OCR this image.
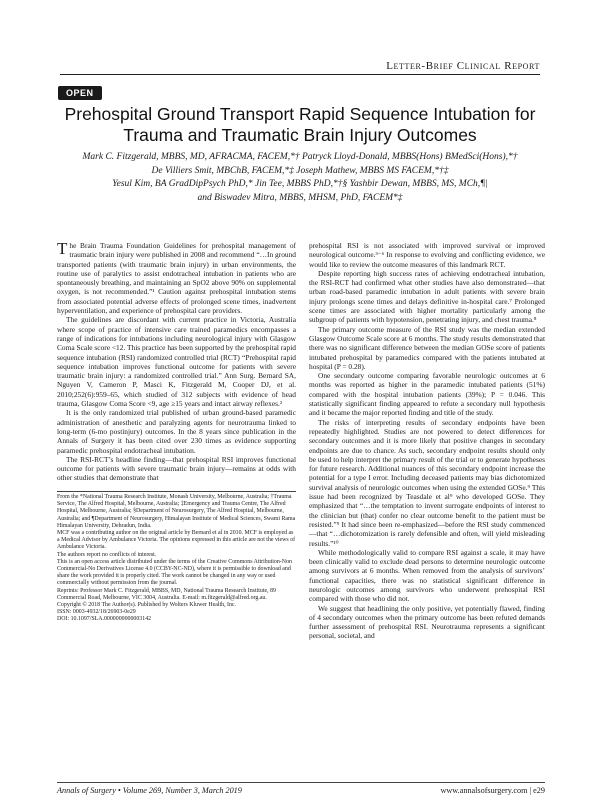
Letter-Brief Clinical Report
OPEN
Prehospital Ground Transport Rapid Sequence Intubation for
Trauma and Traumatic Brain Injury Outcomes
Mark C. Fitzgerald, MBBS, MD, AFRACMA, FACEM,*† Patryck Lloyd-Donald, MBBS(Hons) BMedSci(Hons),*†
De Villiers Smit, MBChB, FACEM,*‡ Joseph Mathew, MBBS MS FACEM,*†‡
Yesul Kim, BA GradDipPsych PhD,* Jin Tee, MBBS PhD,*†§ Yashbir Dewan, MBBS, MS, MCh,¶|
and Biswadev Mitra, MBBS, MHSM, PhD, FACEM*‡

The Brain Trauma Foundation Guidelines for prehospital management of traumatic brain injury were published in 2008 and recommend “…In ground transported patients (with traumatic brain injury) in urban environments, the routine use of paralytics to assist endotracheal intubation in patients who are spontaneously breathing, and maintaining an SpO2 above 90% on supplemental oxygen, is not recommended.”¹ Caution against prehospital intubation stems from associated potential adverse effects of prolonged scene times, inadvertent hyperventilation, and experience of prehospital care providers.

The guidelines are discordant with current practice in Victoria, Australia where scope of practice of intensive care trained paramedics encompasses a range of indications for intubations including neurological injury with Glasgow Coma Scale score <12. This practice has been supported by the prehospital rapid sequence intubation (RSI) randomized controlled trial (RCT) “Prehospital rapid sequence intubation improves functional outcome for patients with severe traumatic brain injury: a randomized controlled trial.” Ann Surg. Bernard SA, Nguyen V, Cameron P, Masci K, Fitzgerald M, Cooper DJ, et al. 2010;252(6):959–65, which studied of 312 subjects with evidence of head trauma, Glasgow Coma Score <9, age ≥15 years and intact airway reflexes.²

It is the only randomized trial published of urban ground-based paramedic administration of anesthetic and paralyzing agents for neurotrauma linked to long-term (6-mo postinjury) outcomes. In the 8 years since publication in the Annals of Surgery it has been cited over 230 times as evidence supporting paramedic prehospital endotracheal intubation.

The RSI-RCT’s headline finding—that prehospital RSI improves functional outcome for patients with severe traumatic brain injury—remains at odds with other studies that demonstrate that

From the *National Trauma Research Institute, Monash University, Melbourne, Australia; †Trauma Service, The Alfred Hospital, Melbourne, Australia; ‡Emergency and Trauma Centre, The Alfred Hospital, Melbourne, Australia; §Department of Neurosurgery, The Alfred Hospital, Melbourne, Australia; and ¶Department of Neurosurgery, Himalayan Institute of Medical Sciences, Swami Rama Himalayan University, Dehradun, India.
MCF was a contributing author on the original article by Bernard et al in 2010. MCF is employed as a Medical Advisor by Ambulance Victoria. The opinions expressed in this article are not the views of Ambulance Victoria.
The authors report no conflicts of interest.
This is an open access article distributed under the terms of the Creative Commons Attribution-Non Commercial-No Derivatives License 4.0 (CCBY-NC-ND), where it is permissible to download and share the work provided it is properly cited. The work cannot be changed in any way or used commercially without permission from the journal.
Reprints: Professor Mark C. Fitzgerald, MBBS, MD, National Trauma Research Institute, 89 Commercial Road, Melbourne, VIC 3004, Australia. E-mail: m.fitzgerald@alfred.org.au.
Copyright © 2018 The Author(s). Published by Wolters Kluwer Health, Inc.
ISSN: 0003-4932/18/26903-0e29
DOI: 10.1097/SLA.0000000000003142

prehospital RSI is not associated with improved survival or improved neurological outcome.³⁻⁶ In response to evolving and conflicting evidence, we would like to review the outcome measures of this landmark RCT.

Despite reporting high success rates of achieving endotracheal intubation, the RSI-RCT had confirmed what other studies have also demonstrated—that urban road-based paramedic intubation in adult patients with severe brain injury prolongs scene times and delays definitive in-hospital care.⁷ Prolonged scene times are associated with higher mortality particularly among the subgroup of patients with hypotension, penetrating injury, and chest trauma.⁸

The primary outcome measure of the RSI study was the median extended Glasgow Outcome Scale score at 6 months. The study results demonstrated that there was no significant difference between the median GOSe score of patients intubated prehospital by paramedics compared with the patients intubated at hospital (P = 0.28).

One secondary outcome comparing favorable neurologic outcomes at 6 months was reported as higher in the paramedic intubated patients (51%) compared with the hospital intubation patients (39%); P = 0.046. This statistically significant finding appeared to refute a secondary null hypothesis and it became the major reported finding and title of the study.

The risks of interpreting results of secondary endpoints have been repeatedly highlighted. Studies are not powered to detect differences for secondary outcomes and it is more likely that positive changes in secondary endpoints are due to chance. As such, secondary endpoint results should only be used to help interpret the primary result of the trial or to generate hypotheses for future research. Additional nuances of this secondary endpoint increase the potential for a type I error. Including deceased patients may bias dichotomized survival analysis of neurologic outcomes when using the extended GOSe.⁹ This issue had been recognized by Teasdale et al⁹ who developed GOSe. They emphasized that “…the temptation to invent surrogate endpoints of interest to the clinician but (that) confer no clear outcome benefit to the patient must be resisted.”⁹ It had since been re-emphasized—before the RSI study commenced—that “…dichotomization is rarely defensible and often, will yield misleading results.”¹⁰

While methodologically valid to compare RSI against a scale, it may have been clinically valid to exclude dead persons to determine neurologic outcome among survivors at 6 months. When removed from the analysis of survivors’ functional capacities, there was no statistical significant difference in neurologic outcomes among survivors who underwent prehospital RSI compared with those who did not.

We suggest that headlining the only positive, yet potentially flawed, finding of 4 secondary outcomes when the primary outcome has been refuted demands further assessment of prehospital RSI. Neurotrauma represents a significant personal, societal, and

Annals of Surgery • Volume 269, Number 3, March 2019	www.annalsofsurgery.com | e29
